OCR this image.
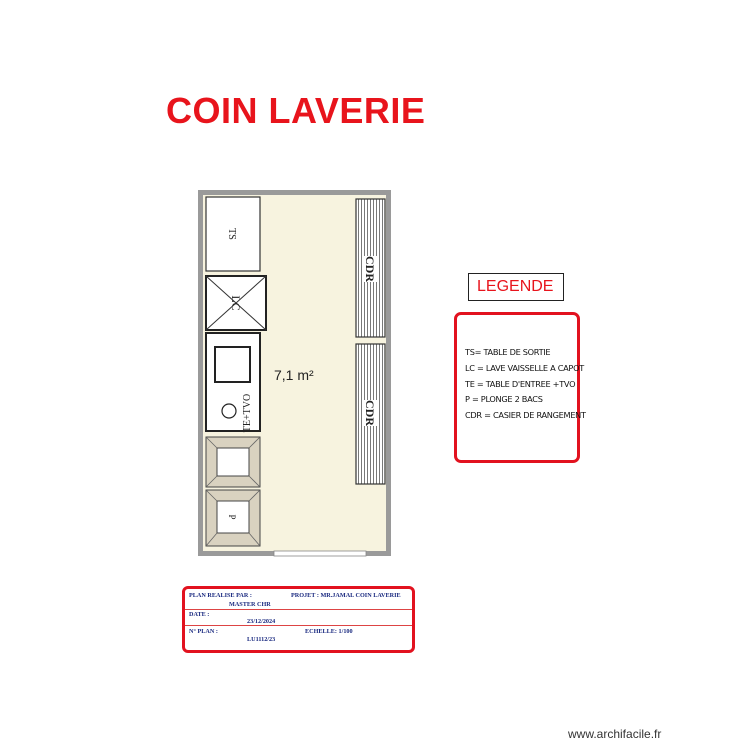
COIN LAVERIE
TS
LC
TE+TVO
P
CDR
CDR
7,1 m²
LEGENDE
TS= TABLE DE SORTIE
LC = LAVE VAISSELLE A CAPOT
TE = TABLE D'ENTREE +TVO
P = PLONGE 2 BACS
CDR = CASIER DE RANGEMENT
PLAN REALISE PAR :
MASTER CHR
PROJET : MR.JAMAL COIN LAVERIE
DATE :
23/12/2024
N° PLAN :
LU1112/23
ECHELLE: 1/100
www.archifacile.fr
